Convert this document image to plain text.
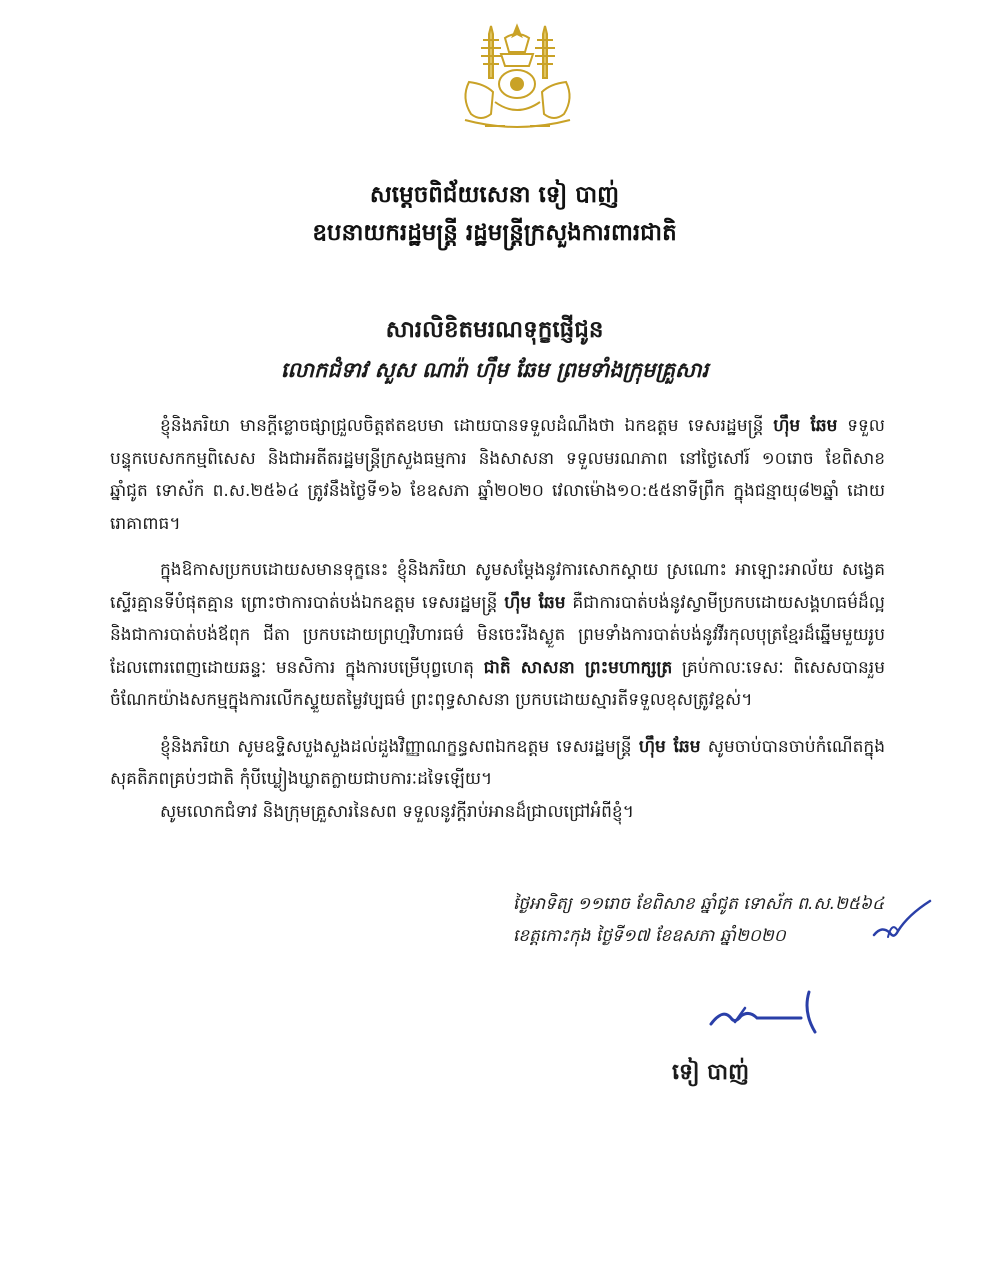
សម្តេចពិជ័យសេនា ទៀ បាញ់
ឧបនាយករដ្ឋមន្ត្រី រដ្ឋមន្ត្រីក្រសួងការពារជាតិ
សារលិខិតមរណទុក្ខផ្ញើជូន
លោកជំទាវ សួស ណារ៉ា ហ៊ឹម ឆែម ព្រមទាំងក្រុមគ្រួសារ

ខ្ញុំនិងភរិយា មានក្តីខ្លោចផ្សាជ្រួលចិត្តឥតឧបមា ដោយបានទទួលដំណឹងថា ឯកឧត្តម ទេសរដ្ឋមន្ត្រី ហ៊ឹម ឆែម ទទួលបន្ទុកបេសកកម្មពិសេស និងជាអតីតរដ្ឋមន្ត្រីក្រសួងធម្មការ និងសាសនា ទទួលមរណភាព នៅថ្ងៃសៅរ៍ ១០រោច ខែពិសាខ ឆ្នាំជូត ទោស័ក ព.ស.២៥៦៤ ត្រូវនឹងថ្ងៃទី១៦ ខែឧសភា ឆ្នាំ២០២០ វេលាម៉ោង១០:៥៥នាទីព្រឹក ក្នុងជន្មាយុ៨២ឆ្នាំ ដោយរោគាពាធ។

ក្នុងឱកាសប្រកបដោយសមានទុក្ខនេះ ខ្ញុំនិងភរិយា សូមសម្តែងនូវការសោកស្តាយ ស្រណោះ អាឡោះអាល័យ សង្វេគស្ទើរគ្មានទីបំផុតគ្មាន ព្រោះថាការបាត់បង់ឯកឧត្តម ទេសរដ្ឋមន្ត្រី ហ៊ឹម ឆែម គឺជាការបាត់បង់នូវស្វាមីប្រកបដោយសង្គហធម៌ដ៏ល្អ និងជាការបាត់បង់ឪពុក ជីតា ប្រកបដោយព្រហ្មវិហារធម៌ មិនចេះរីងស្ងួត ព្រមទាំងការបាត់បង់នូវវីរកុលបុត្រខ្មែរដ៏ឆ្នើមមួយរូប ដែលពោរពេញដោយឆន្ទៈ មនសិការ ក្នុងការបម្រើបុព្វហេតុ ជាតិ សាសនា ព្រះមហាក្សត្រ គ្រប់កាលៈទេសៈ ពិសេសបានរួមចំណែកយ៉ាងសកម្មក្នុងការលើកស្ទួយតម្លៃវប្បធម៌ ព្រះពុទ្ធសាសនា ប្រកបដោយស្មារតីទទួលខុសត្រូវខ្ពស់។

ខ្ញុំនិងភរិយា សូមឧទ្ទិសបួងសួងដល់ដួងវិញ្ញាណក្ខន្ធសពឯកឧត្តម ទេសរដ្ឋមន្ត្រី ហ៊ឹម ឆែម សូមចាប់បានចាប់កំណើតក្នុងសុគតិភពគ្រប់ៗជាតិ កុំបីឃ្លៀងឃ្លាតក្លាយជាបការៈដទៃឡើយ។

សូមលោកជំទាវ និងក្រុមគ្រួសារនៃសព ទទួលនូវក្តីរាប់អានដ៏ជ្រាលជ្រៅអំពីខ្ញុំ។

ថ្ងៃអាទិត្យ ១១រោច ខែពិសាខ ឆ្នាំជូត ទោស័ក ព.ស.២៥៦៤
ខេត្តកោះកុង ថ្ងៃទី១៧ ខែឧសភា ឆ្នាំ២០២០
ទៀ បាញ់
